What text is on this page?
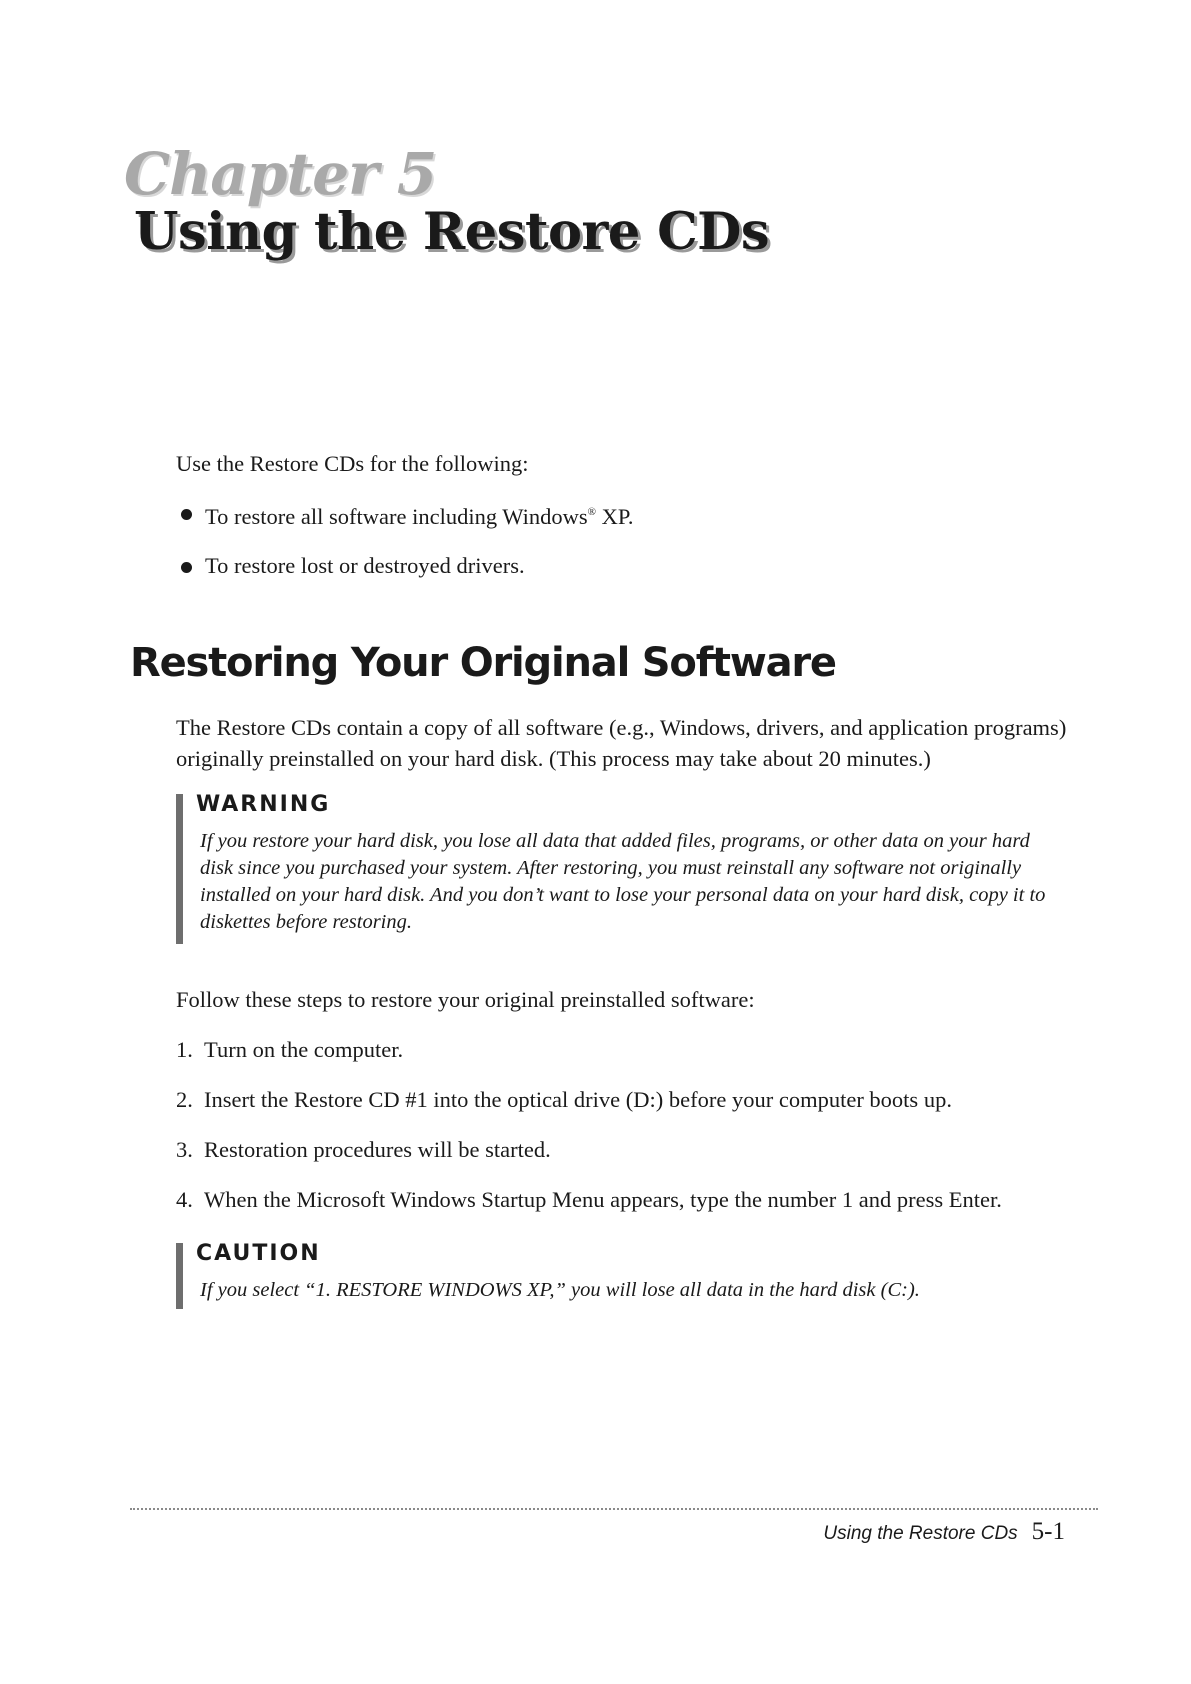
Chapter 5
Using the Restore CDs
Use the Restore CDs for the following:
To restore all software including Windows® XP.
To restore lost or destroyed drivers.
Restoring Your Original Software
The Restore CDs contain a copy of all software (e.g., Windows, drivers, and application programs) originally preinstalled on your hard disk. (This process may take about 20 minutes.)
WARNING
If you restore your hard disk, you lose all data that added files, programs, or other data on your hard disk since you purchased your system. After restoring, you must reinstall any software not originally installed on your hard disk. And you don’t want to lose your personal data on your hard disk, copy it to diskettes before restoring.
Follow these steps to restore your original preinstalled software:
1. Turn on the computer.
2. Insert the Restore CD #1 into the optical drive (D:) before your computer boots up.
3. Restoration procedures will be started.
4. When the Microsoft Windows Startup Menu appears, type the number 1 and press Enter.
CAUTION
If you select “1. RESTORE WINDOWS XP,” you will lose all data in the hard disk (C:).
Using the Restore CDs 5-1
